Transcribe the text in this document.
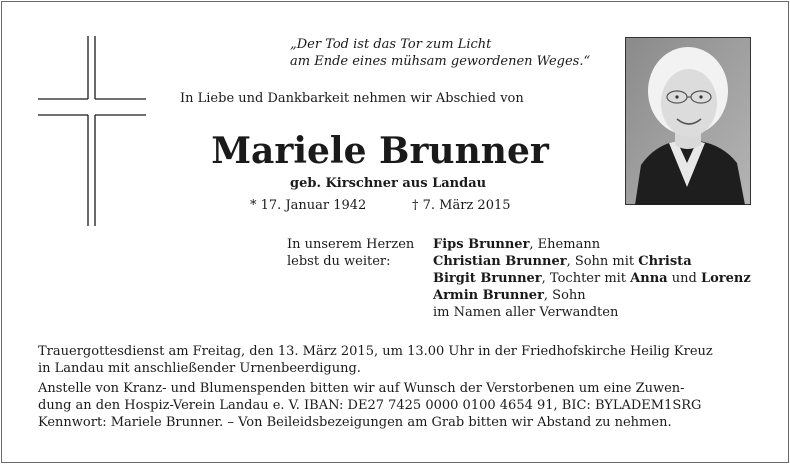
„Der Tod ist das Tor zum Licht
am Ende eines mühsam gewordenen Weges.“
In Liebe und Dankbarkeit nehmen wir Abschied von
Mariele Brunner
geb. Kirschner aus Landau
* 17. Januar 1942	† 7. März 2015
In unserem Herzen
lebst du weiter:
Fips Brunner, Ehemann
Christian Brunner, Sohn mit Christa
Birgit Brunner, Tochter mit Anna und Lorenz
Armin Brunner, Sohn
im Namen aller Verwandten
Trauergottesdienst am Freitag, den 13. März 2015, um 13.00 Uhr in der Friedhofskirche Heilig Kreuz
in Landau mit anschließender Urnenbeerdigung.
Anstelle von Kranz- und Blumenspenden bitten wir auf Wunsch der Verstorbenen um eine Zuwen-
dung an den Hospiz-Verein Landau e. V. IBAN: DE27 7425 0000 0100 4654 91, BIC: BYLADEM1SRG
Kennwort: Mariele Brunner. – Von Beileidsbezeigungen am Grab bitten wir Abstand zu nehmen.
